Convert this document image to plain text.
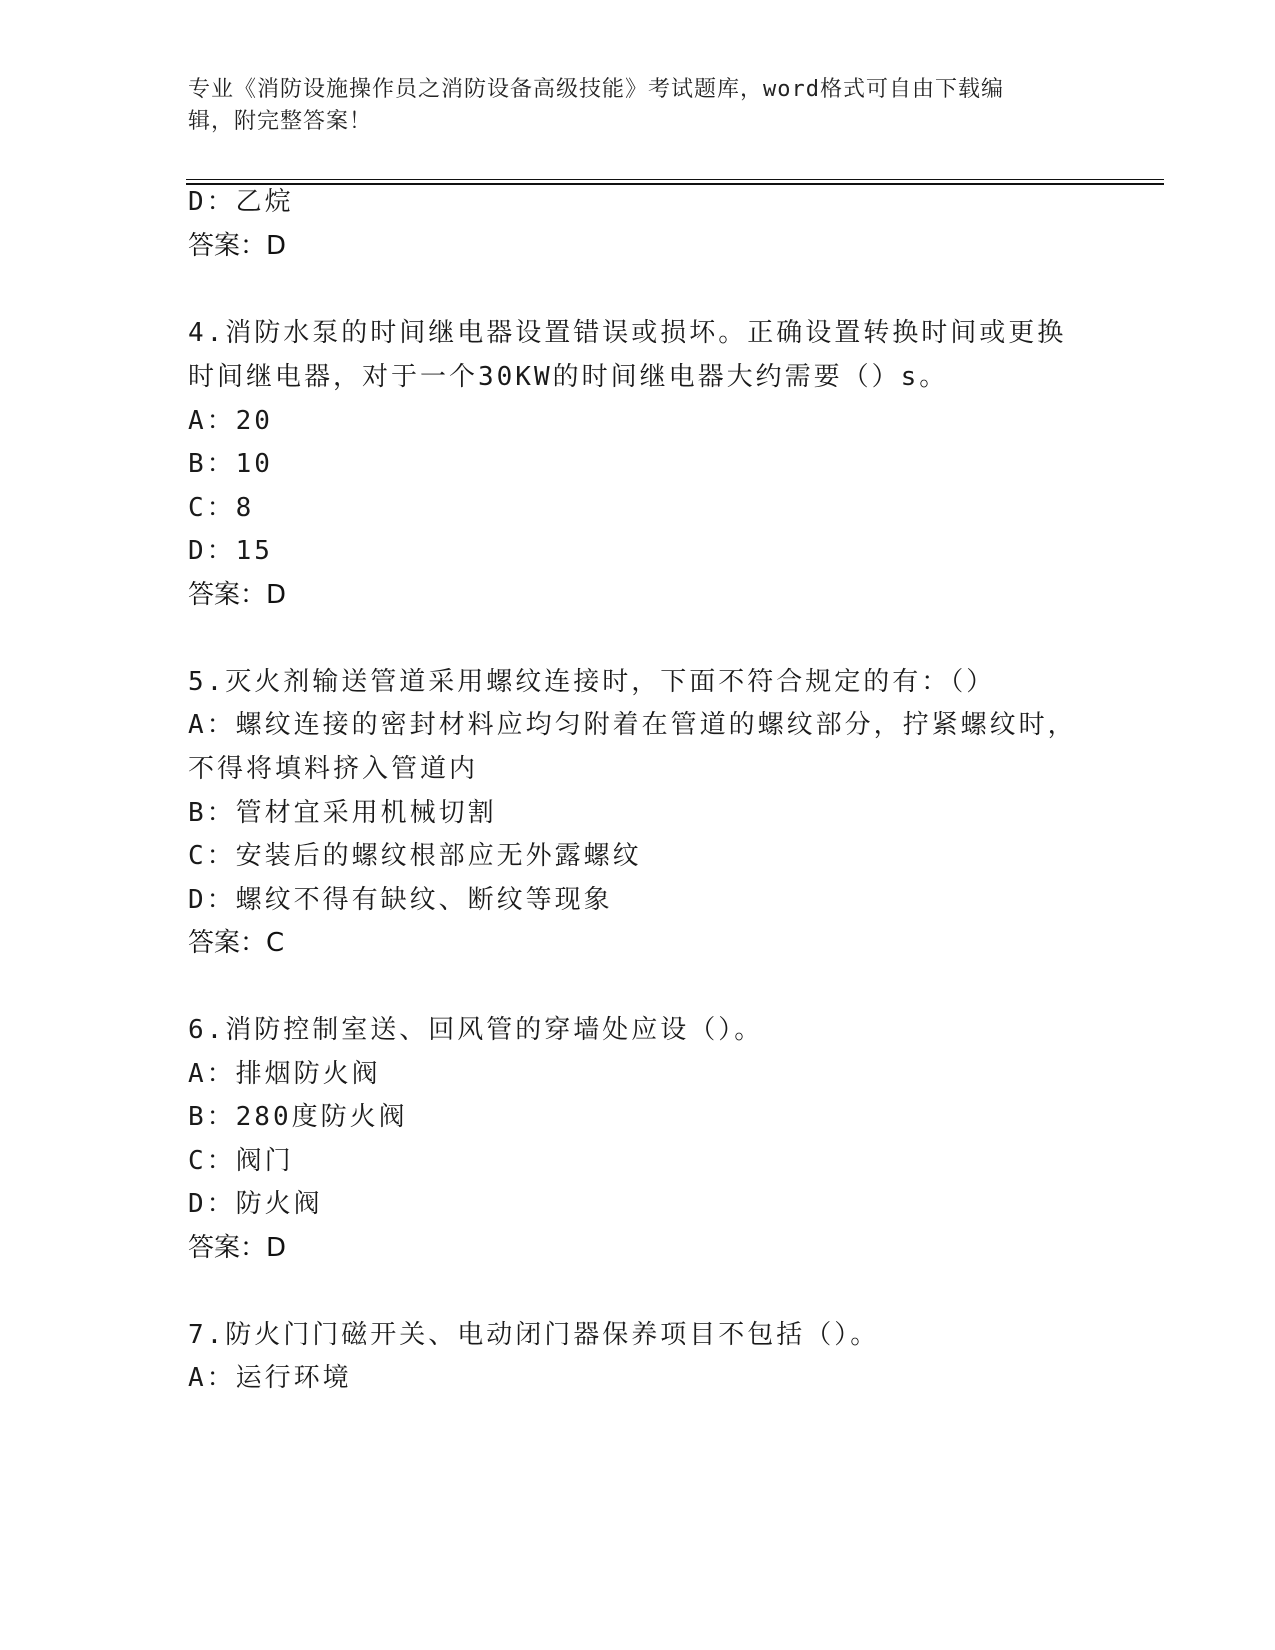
专业《消防设施操作员之消防设备高级技能》考试题库，word格式可自由下载编
辑，附完整答案！
D：乙烷
答案：D
4.消防水泵的时间继电器设置错误或损坏。正确设置转换时间或更换
时间继电器，对于一个30KW的时间继电器大约需要（）s。
A：20
B：10
C：8
D：15
答案：D
5.灭火剂输送管道采用螺纹连接时，下面不符合规定的有：（）
A：螺纹连接的密封材料应均匀附着在管道的螺纹部分，拧紧螺纹时，
不得将填料挤入管道内
B：管材宜采用机械切割
C：安装后的螺纹根部应无外露螺纹
D：螺纹不得有缺纹、断纹等现象
答案：C
6.消防控制室送、回风管的穿墙处应设（）。
A：排烟防火阀
B：280度防火阀
C：阀门
D：防火阀
答案：D
7.防火门门磁开关、电动闭门器保养项目不包括（）。
A：运行环境
